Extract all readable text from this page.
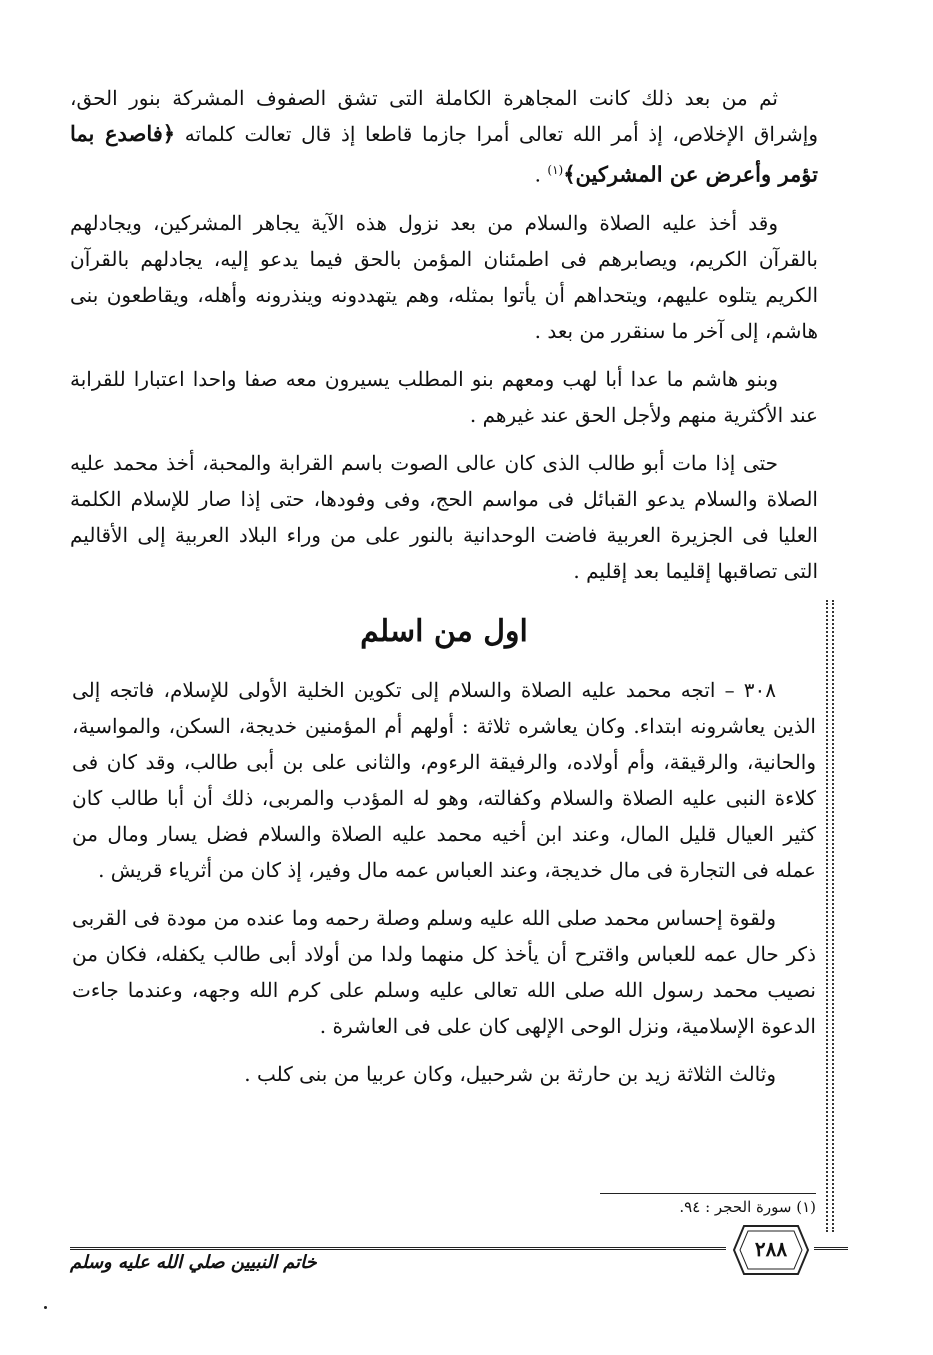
ثم من بعد ذلك كانت المجاهرة الكاملة التى تشق الصفوف المشركة بنور الحق، وإشراق الإخلاص، إذ أمر الله تعالى أمرا جازما قاطعا إذ قال تعالت كلماته ﴿فاصدع بما تؤمر وأعرض عن المشركين﴾$^{(١)}$ .

وقد أخذ عليه الصلاة والسلام من بعد نزول هذه الآية يجاهر المشركين، ويجادلهم بالقرآن الكريم، ويصابرهم فى اطمئنان المؤمن بالحق فيما يدعو إليه، يجادلهم بالقرآن الكريم يتلوه عليهم، ويتحداهم أن يأتوا بمثله، وهم يتهددونه وينذرونه وأهله، ويقاطعون بنى هاشم، إلى آخر ما سنقرر من بعد .

وبنو هاشم ما عدا أبا لهب ومعهم بنو المطلب يسيرون معه صفا واحدا اعتبارا للقرابة عند الأكثرية منهم ولأجل الحق عند غيرهم .

حتى إذا مات أبو طالب الذى كان عالى الصوت باسم القرابة والمحبة، أخذ محمد عليه الصلاة والسلام يدعو القبائل فى مواسم الحج، وفى وفودها، حتى إذا صار للإسلام الكلمة العليا فى الجزيرة العربية فاضت الوحدانية بالنور على من وراء البلاد العربية إلى الأقاليم التى تصاقبها إقليما بعد إقليم .

اول من اسلم

٣٠٨ – اتجه محمد عليه الصلاة والسلام إلى تكوين الخلية الأولى للإسلام، فاتجه إلى الذين يعاشرونه ابتداء. وكان يعاشره ثلاثة : أولهم أم المؤمنين خديجة، السكن، والمواسية، والحانية، والرقيقة، وأم أولاده، والرفيقة الرءوم، والثانى على بن أبى طالب، وقد كان فى كلاءة النبى عليه الصلاة والسلام وكفالته، وهو له المؤدب والمربى، ذلك أن أبا طالب كان كثير العيال قليل المال، وعند ابن أخيه محمد عليه الصلاة والسلام فضل يسار ومال من عمله فى التجارة فى مال خديجة، وعند العباس عمه مال وفير، إذ كان من أثرياء قريش .

ولقوة إحساس محمد صلى الله عليه وسلم وصلة رحمه وما عنده من مودة فى القربى ذكر حال عمه للعباس واقترح أن يأخذ كل منهما ولدا من أولاد أبى طالب يكفله، فكان من نصيب محمد رسول الله صلى الله تعالى عليه وسلم على كرم الله وجهه، وعندما جاءت الدعوة الإسلامية، ونزل الوحى الإلهى كان على فى العاشرة .

وثالث الثلاثة زيد بن حارثة بن شرحبيل، وكان عربيا من بنى كلب .

(١) سورة الحجر : ٩٤.
خاتم النبيين صلي الله عليه وسلم
٢٨٨
